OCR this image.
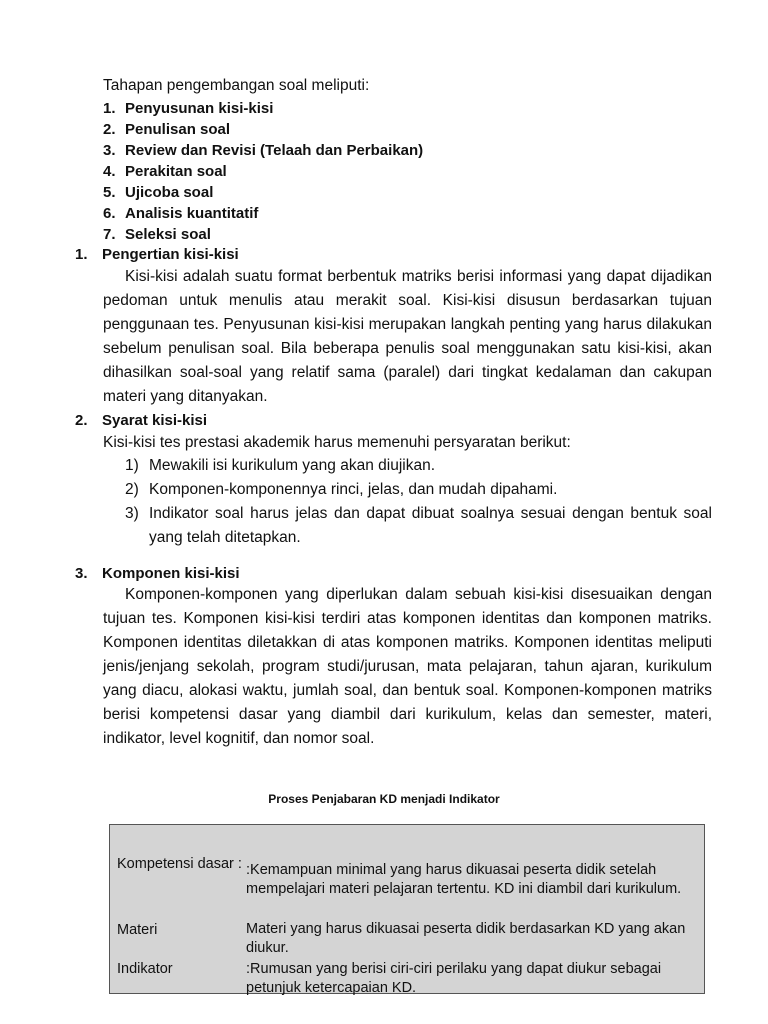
Tahapan pengembangan soal meliputi:
1. Penyusunan kisi-kisi
2. Penulisan soal
3. Review dan Revisi (Telaah dan Perbaikan)
4. Perakitan soal
5. Ujicoba soal
6. Analisis kuantitatif
7. Seleksi soal
1. Pengertian kisi-kisi

Kisi-kisi adalah suatu format berbentuk matriks berisi informasi yang dapat dijadikan pedoman untuk menulis atau merakit soal. Kisi-kisi disusun berdasarkan tujuan penggunaan tes. Penyusunan kisi-kisi merupakan langkah penting yang harus dilakukan sebelum penulisan soal. Bila beberapa penulis soal menggunakan satu kisi-kisi, akan dihasilkan soal-soal yang relatif sama (paralel) dari tingkat kedalaman dan cakupan materi yang ditanyakan.

2. Syarat kisi-kisi
Kisi-kisi tes prestasi akademik harus memenuhi persyaratan berikut:
1) Mewakili isi kurikulum yang akan diujikan.
2) Komponen-komponennya rinci, jelas, dan mudah dipahami.
3) Indikator soal harus jelas dan dapat dibuat soalnya sesuai dengan bentuk soal yang telah ditetapkan.
3. Komponen kisi-kisi

Komponen-komponen yang diperlukan dalam sebuah kisi-kisi disesuaikan dengan tujuan tes. Komponen kisi-kisi terdiri atas komponen identitas dan komponen matriks. Komponen identitas diletakkan di atas komponen matriks. Komponen identitas meliputi jenis/jenjang sekolah, program studi/jurusan, mata pelajaran, tahun ajaran, kurikulum yang diacu, alokasi waktu, jumlah soal, dan bentuk soal. Komponen-komponen matriks berisi kompetensi dasar yang diambil dari kurikulum, kelas dan semester, materi, indikator, level kognitif, dan nomor soal.

Proses Penjabaran KD menjadi Indikator
Kompetensi dasar : :Kemampuan minimal yang harus dikuasai peserta didik setelah mempelajari materi pelajaran tertentu. KD ini diambil dari kurikulum.
Materi	Materi yang harus dikuasai peserta didik berdasarkan KD yang akan diukur.
Indikator	:Rumusan yang berisi ciri-ciri perilaku yang dapat diukur sebagai petunjuk ketercapaian KD.
